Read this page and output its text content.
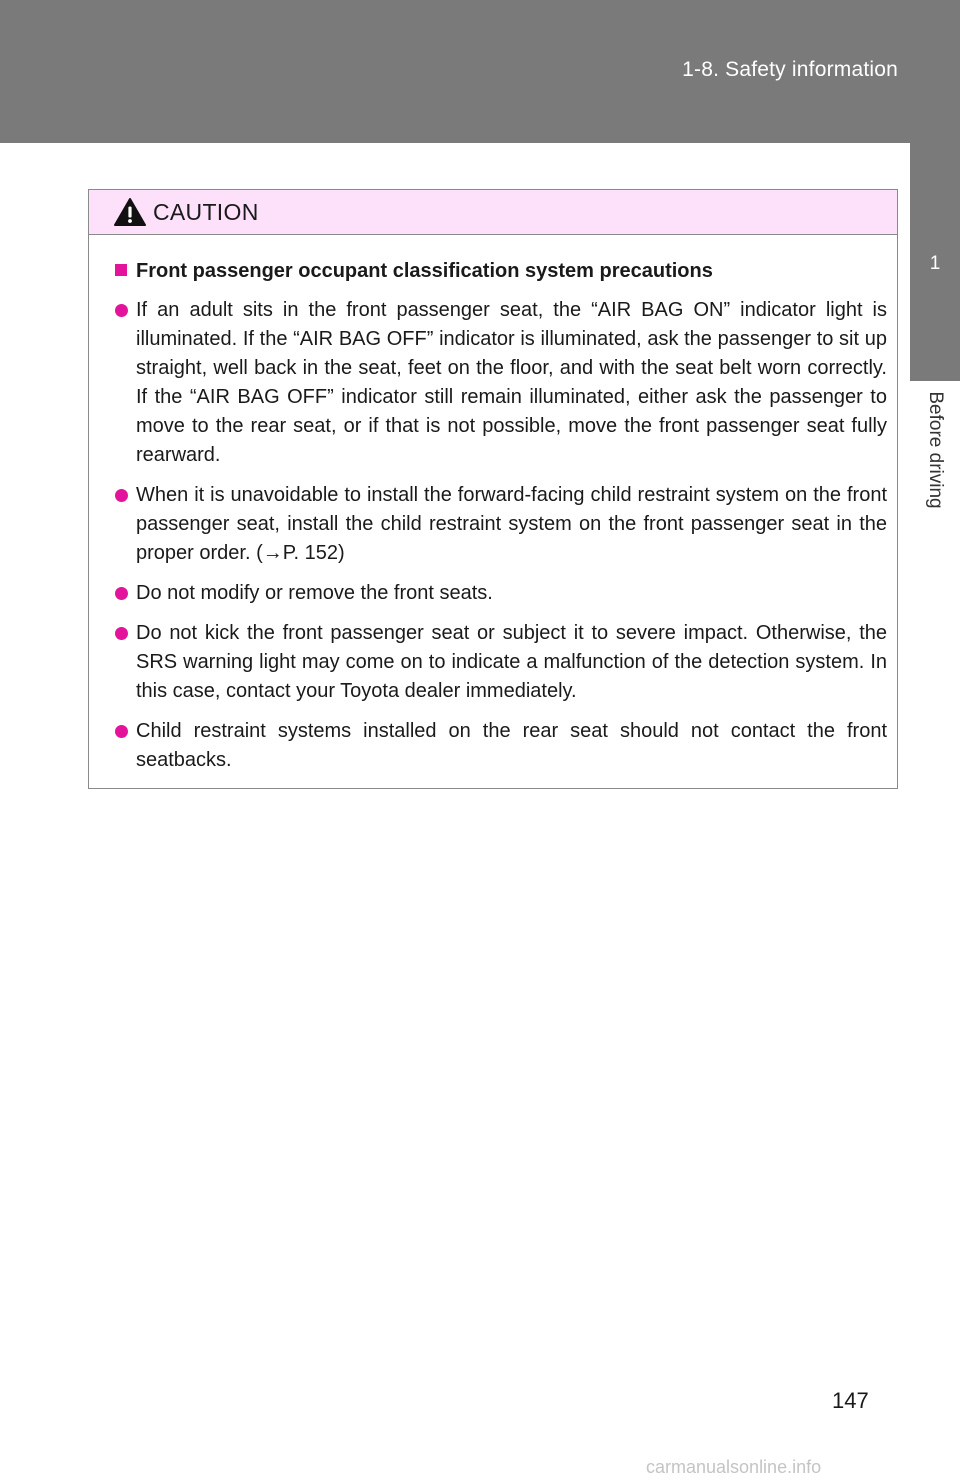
1-8. Safety information
1
Before driving
CAUTION
Front passenger occupant classification system precautions
If an adult sits in the front passenger seat, the “AIR BAG ON” indicator light is illuminated. If the “AIR BAG OFF” indicator is illuminated, ask the passenger to sit up straight, well back in the seat, feet on the floor, and with the seat belt worn correctly. If the “AIR BAG OFF” indicator still remain illuminated, either ask the passenger to move to the rear seat, or if that is not possible, move the front passenger seat fully rearward.
When it is unavoidable to install the forward-facing child restraint system on the front passenger seat, install the child restraint system on the front passenger seat in the proper order. (→P. 152)
Do not modify or remove the front seats.
Do not kick the front passenger seat or subject it to severe impact. Otherwise, the SRS warning light may come on to indicate a malfunction of the detection system. In this case, contact your Toyota dealer immediately.
Child restraint systems installed on the rear seat should not contact the front seatbacks.
147
carmanualsonline.info
